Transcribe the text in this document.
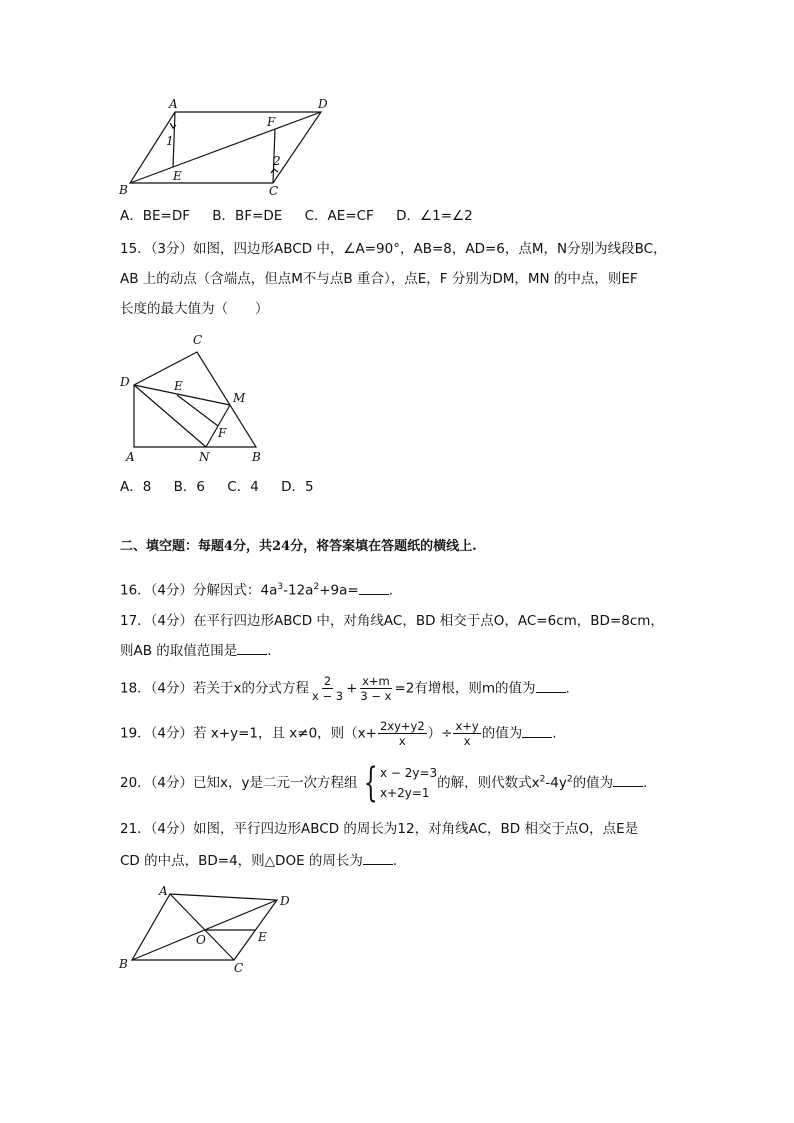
A	D
F
1
2
B
E
C
A．BE=DF B．BF=DE C．AE=CF D．∠1=∠2
15．（3分）如图，四边形ABCD 中，∠A=90°，AB=8，AD=6，点M，N分别为线段BC，
AB 上的动点（含端点，但点M不与点B 重合），点E，F 分别为DM，MN 的中点，则EF
长度的最大值为（　　）
C
D	E
M
F
A	N	B
A．8 B．6 C．4 D．5
二、填空题：每题4分，共24分，将答案填在答题纸的横线上.
16．（4分）分解因式：$4a^3-12a^2+9a=$ .
17．（4分）在平行四边形ABCD 中，对角线AC，BD 相交于点O，AC=6cm，BD=8cm，
则AB 的取值范围是 .
18．（4分）若关于x的分式方程 $\frac{2}{x - 3} + \frac{x+m}{3 - x} =2$有增根，则m的值为 .
19．（4分）若 x+y=1，且 x≠0，则（$x+ \frac{2xy+y2}{x}$ ）÷ $\frac{x+y}{x}$ 的值为 .
20．（4分）已知x，y是二元一次方程组 { x − 2y=3
x+2y=1
的解，则代数式$x^2-4y^2$的值为 .
21．（4分）如图，平行四边形ABCD 的周长为12，对角线AC，BD 相交于点O，点E是
CD 的中点，BD=4，则△DOE 的周长为 .
A
D
O	E
B	C
